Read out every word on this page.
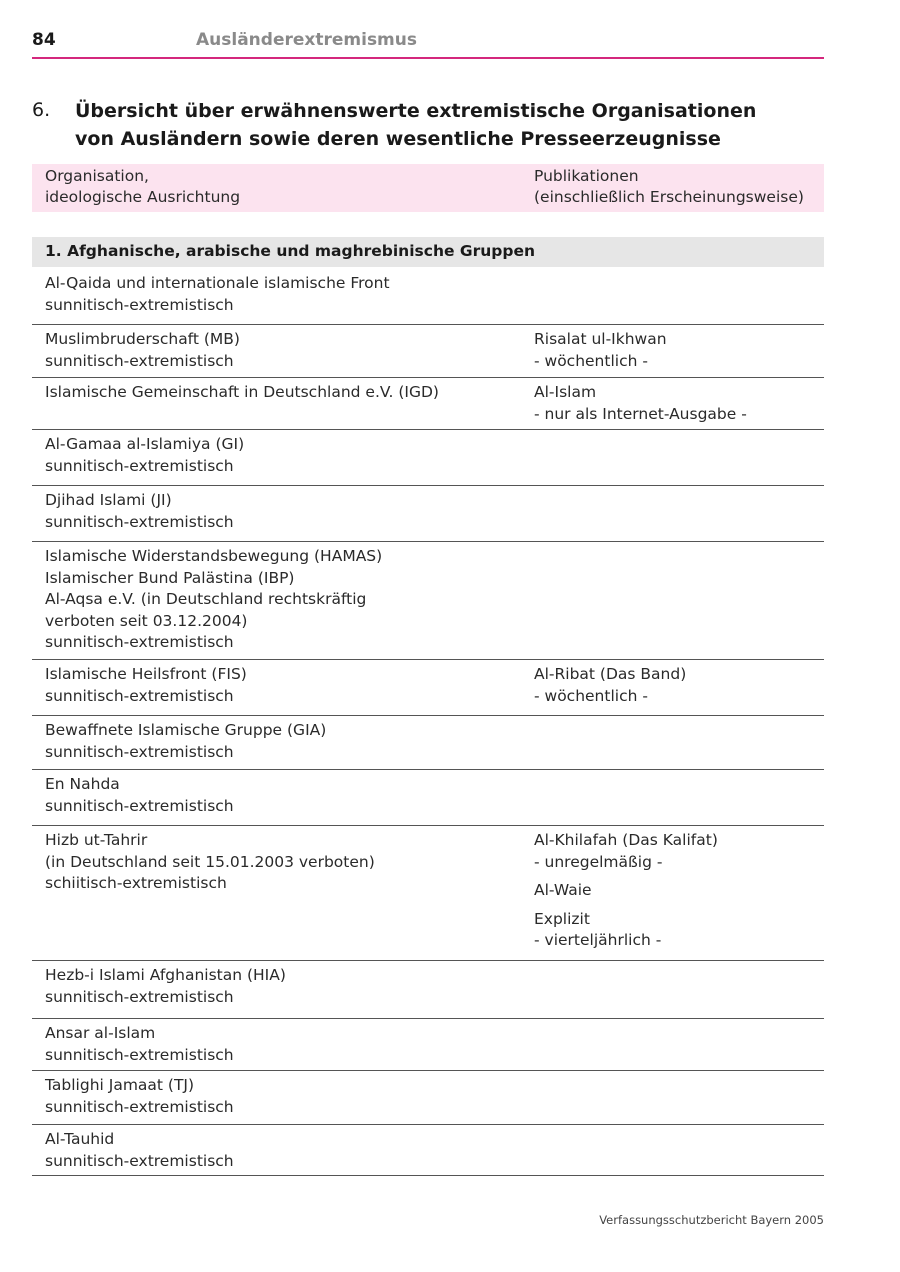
84	Ausländerextremismus
6. Übersicht über erwähnenswerte extremistische Organisationen
von Ausländern sowie deren wesentliche Presseerzeugnisse
Organisation,
ideologische Ausrichtung
Publikationen
(einschließlich Erscheinungsweise)
1. Afghanische, arabische und maghrebinische Gruppen
Al-Qaida und internationale islamische Front
sunnitisch-extremistisch
Muslimbruderschaft (MB)
sunnitisch-extremistisch
Risalat ul-Ikhwan
- wöchentlich -
Islamische Gemeinschaft in Deutschland e.V. (IGD)	Al-Islam
- nur als Internet-Ausgabe -
Al-Gamaa al-Islamiya (GI)
sunnitisch-extremistisch
Djihad Islami (JI)
sunnitisch-extremistisch
Islamische Widerstandsbewegung (HAMAS)
Islamischer Bund Palästina (IBP)
Al-Aqsa e.V. (in Deutschland rechtskräftig
verboten seit 03.12.2004)
sunnitisch-extremistisch
Islamische Heilsfront (FIS)
sunnitisch-extremistisch
Al-Ribat (Das Band)
- wöchentlich -
Bewaffnete Islamische Gruppe (GIA)
sunnitisch-extremistisch
En Nahda
sunnitisch-extremistisch
Hizb ut-Tahrir
(in Deutschland seit 15.01.2003 verboten)
schiitisch-extremistisch
Al-Khilafah (Das Kalifat)
- unregelmäßig -
Al-Waie
Explizit
- vierteljährlich -
Hezb-i Islami Afghanistan (HIA)
sunnitisch-extremistisch
Ansar al-Islam
sunnitisch-extremistisch
Tablighi Jamaat (TJ)
sunnitisch-extremistisch
Al-Tauhid
sunnitisch-extremistisch
Verfassungsschutzbericht Bayern 2005
